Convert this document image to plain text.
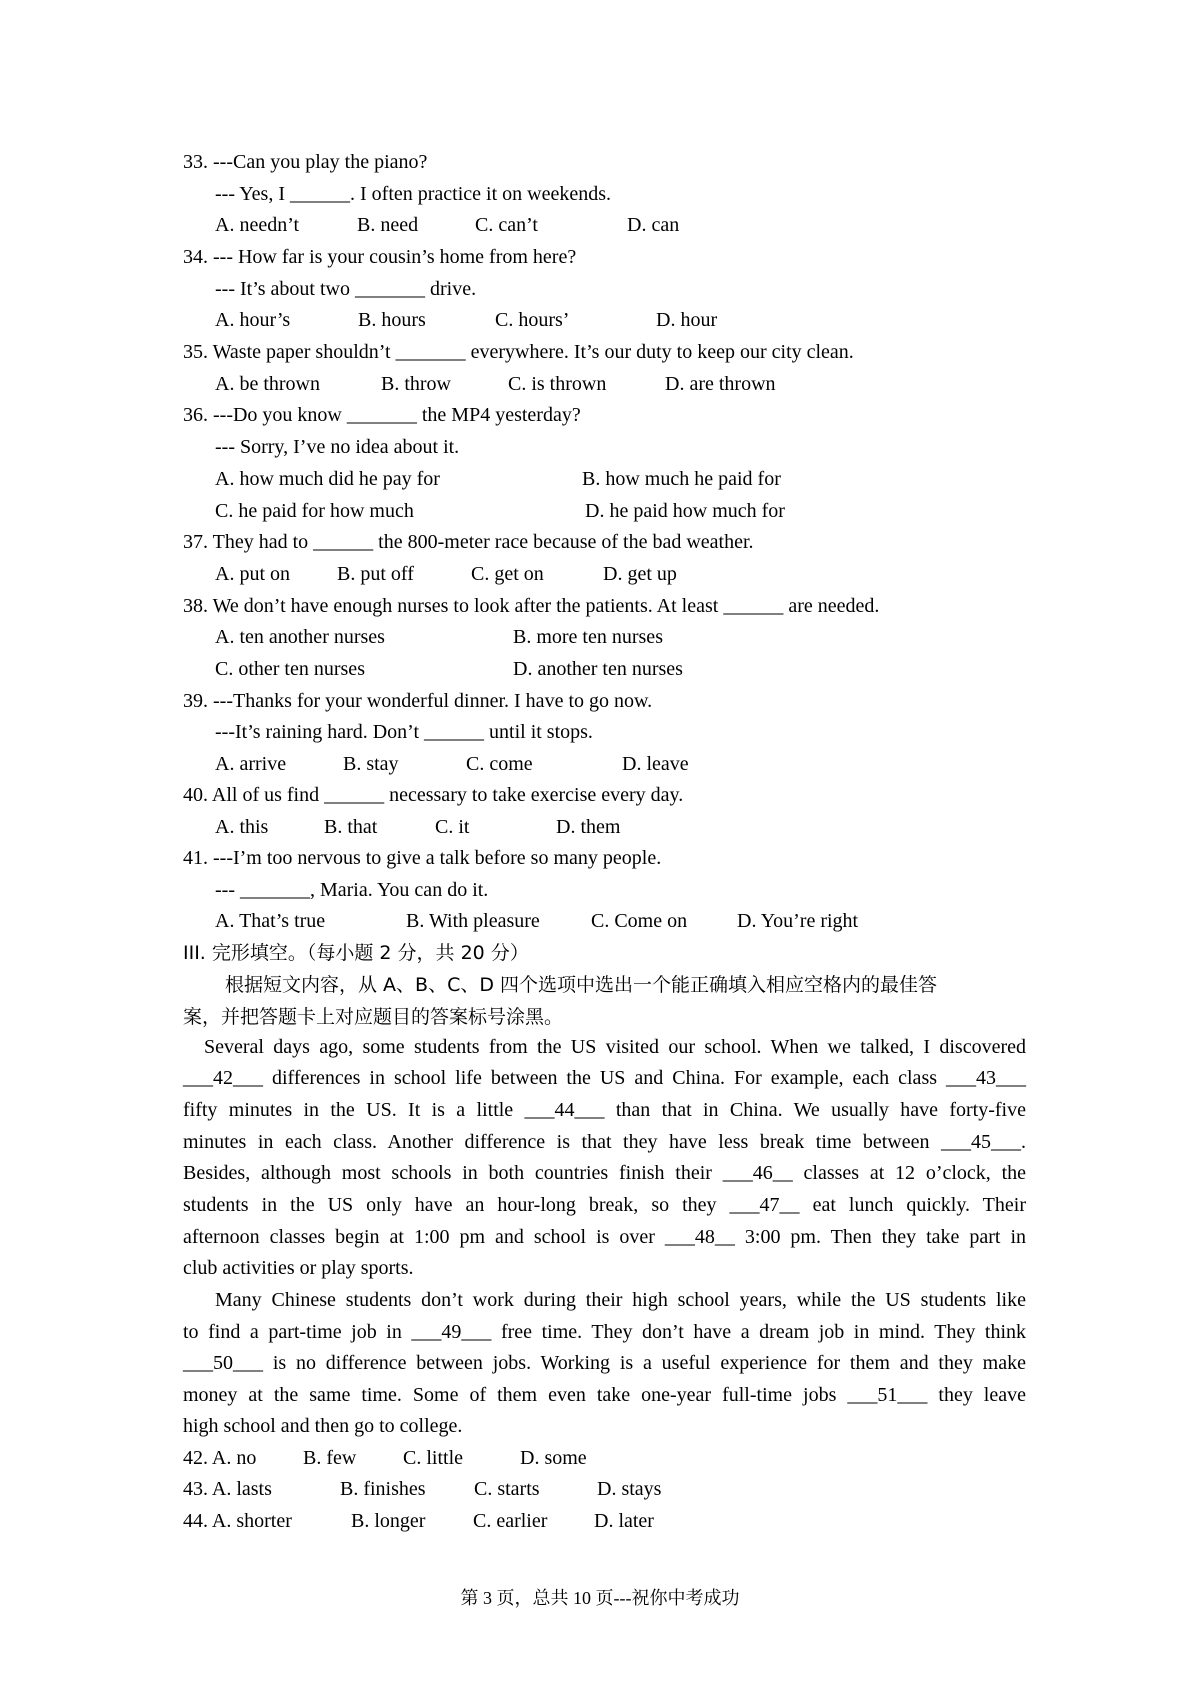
33. ---Can you play the piano?
--- Yes, I ______. I often practice it on weekends.
A. needn’t	B. need	C. can’t	D. can
34. --- How far is your cousin’s home from here?
--- It’s about two _______ drive.
A. hour’s	B. hours	C. hours’	D. hour
35. Waste paper shouldn’t _______ everywhere. It’s our duty to keep our city clean.
A. be thrown	B. throw	C. is thrown	D. are thrown
36. ---Do you know _______ the MP4 yesterday?
--- Sorry, I’ve no idea about it.
A. how much did he pay for	B. how much he paid for
C. he paid for how much	D. he paid how much for
37. They had to ______ the 800-meter race because of the bad weather.
A. put on B. put off	C. get on	D. get up
38. We don’t have enough nurses to look after the patients. At least ______ are needed.
A. ten another nurses	B. more ten nurses
C. other ten nurses	D. another ten nurses
39. ---Thanks for your wonderful dinner. I have to go now.
---It’s raining hard. Don’t ______ until it stops.
A. arrive	B. stay	C. come	D. leave
40. All of us find ______ necessary to take exercise every day.
A. this	B. that	C. it	D. them
41. ---I’m too nervous to give a talk before so many people.
--- _______, Maria. You can do it.
A. That’s true	B. With pleasure	C. Come on D. You’re right
III. 完形填空。（每小题 2 分，共 20 分）
根据短文内容，从 A、B、C、D 四个选项中选出一个能正确填入相应空格内的最佳答
案，并把答题卡上对应题目的答案标号涂黑。
Several days ago, some students from the US visited our school. When we talked, I discovered
___42___ differences in school life between the US and China. For example, each class ___43___
fifty minutes in the US. It is a little ___44___ than that in China. We usually have forty-five
minutes in each class. Another difference is that they have less break time between ___45___.
Besides, although most schools in both countries finish their ___46__ classes at 12 o’clock, the
students in the US only have an hour-long break, so they ___47__ eat lunch quickly. Their
afternoon classes begin at 1:00 pm and school is over ___48__ 3:00 pm. Then they take part in
club activities or play sports.
Many Chinese students don’t work during their high school years, while the US students like
to find a part-time job in ___49___ free time. They don’t have a dream job in mind. They think
___50___ is no difference between jobs. Working is a useful experience for them and they make
money at the same time. Some of them even take one-year full-time jobs ___51___ they leave
high school and then go to college.
42. A. no B. few C. little	D. some
43. A. lasts	B. finishes C. starts	D. stays
44. A. shorter	B. longer C. earlier D. later
第 3 页，总共 10 页---祝你中考成功
